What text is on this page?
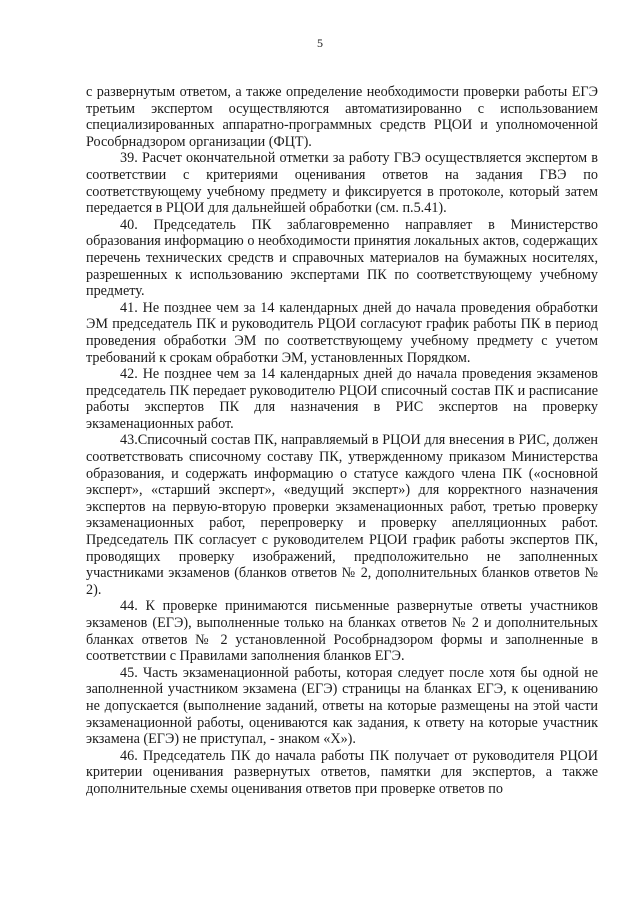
5

с развернутым ответом, а также определение необходимости проверки работы ЕГЭ третьим экспертом осуществляются автоматизированно с использованием специализированных аппаратно-программных средств РЦОИ и уполномоченной Рособрнадзором организации (ФЦТ).

39. Расчет окончательной отметки за работу ГВЭ осуществляется экспертом в соответствии с критериями оценивания ответов на задания ГВЭ по соответствующему учебному предмету и фиксируется в протоколе, который затем передается в РЦОИ для дальнейшей обработки (см. п.5.41).

40. Председатель ПК заблаговременно направляет в Министерство образования информацию о необходимости принятия локальных актов, содержащих перечень технических средств и справочных материалов на бумажных носителях, разрешенных к использованию экспертами ПК по соответствующему учебному предмету.

41. Не позднее чем за 14 календарных дней до начала проведения обработки ЭМ председатель ПК и руководитель РЦОИ согласуют график работы ПК в период проведения обработки ЭМ по соответствующему учебному предмету с учетом требований к срокам обработки ЭМ, установленных Порядком.

42. Не позднее чем за 14 календарных дней до начала проведения экзаменов председатель ПК передает руководителю РЦОИ списочный состав ПК и расписание работы экспертов ПК для назначения в РИС экспертов на проверку экзаменационных работ.

43.Списочный состав ПК, направляемый в РЦОИ для внесения в РИС, должен соответствовать списочному составу ПК, утвержденному приказом Министерства образования, и содержать информацию о статусе каждого члена ПК («основной эксперт», «старший эксперт», «ведущий эксперт») для корректного назначения экспертов на первую-вторую проверки экзаменационных работ, третью проверку экзаменационных работ, перепроверку и проверку апелляционных работ. Председатель ПК согласует с руководителем РЦОИ график работы экспертов ПК, проводящих проверку изображений, предположительно не заполненных участниками экзаменов (бланков ответов № 2, дополнительных бланков ответов № 2).

44. К проверке принимаются письменные развернутые ответы участников экзаменов (ЕГЭ), выполненные только на бланках ответов № 2 и дополнительных бланках ответов № 2 установленной Рособрнадзором формы и заполненные в соответствии с Правилами заполнения бланков ЕГЭ.

45. Часть экзаменационной работы, которая следует после хотя бы одной не заполненной участником экзамена (ЕГЭ) страницы на бланках ЕГЭ, к оцениванию не допускается (выполнение заданий, ответы на которые размещены на этой части экзаменационной работы, оцениваются как задания, к ответу на которые участник экзамена (ЕГЭ) не приступал, - знаком «Х»).

46. Председатель ПК до начала работы ПК получает от руководителя РЦОИ критерии оценивания развернутых ответов, памятки для экспертов, а также дополнительные схемы оценивания ответов при проверке ответов по
